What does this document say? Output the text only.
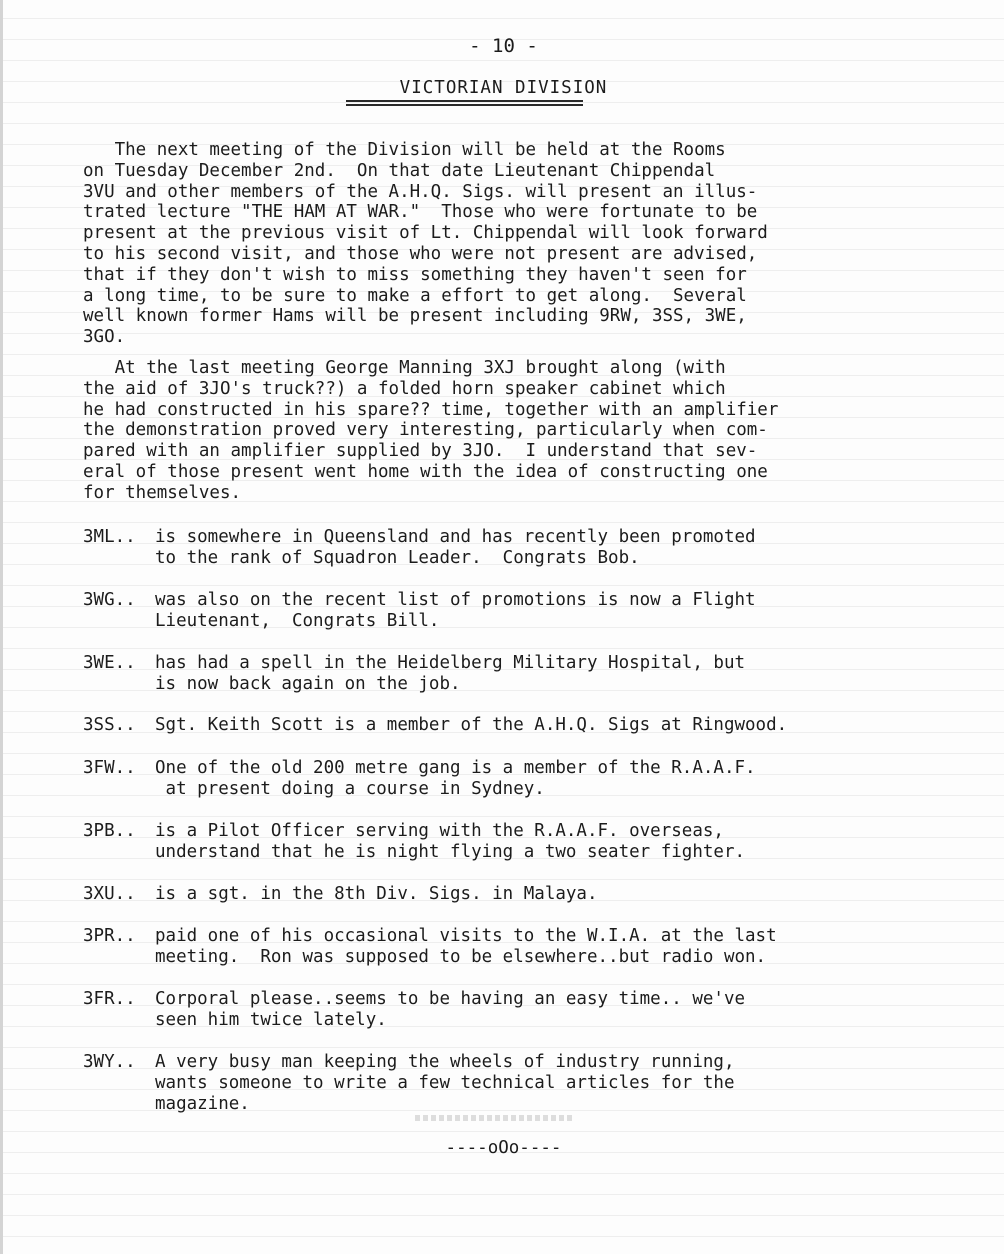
- 10 -
VICTORIAN DIVISION

The next meeting of the Division will be held at the Rooms
on Tuesday December 2nd.  On that date Lieutenant Chippendal
3VU and other members of the A.H.Q. Sigs. will present an illus-
trated lecture "THE HAM AT WAR."  Those who were fortunate to be
present at the previous visit of Lt. Chippendal will look forward
to his second visit, and those who were not present are advised,
that if they don't wish to miss something they haven't seen for
a long time, to be sure to make a effort to get along.  Several
well known former Hams will be present including 9RW, 3SS, 3WE,
3GO.

At the last meeting George Manning 3XJ brought along (with
the aid of 3JO's truck??) a folded horn speaker cabinet which
he had constructed in his spare?? time, together with an amplifier
the demonstration proved very interesting, particularly when com-
pared with an amplifier supplied by 3JO.  I understand that sev-
eral of those present went home with the idea of constructing one
for themselves.

3ML.. is somewhere in Queensland and has recently been promoted
to the rank of Squadron Leader.  Congrats Bob.

3WG.. was also on the recent list of promotions is now a Flight
Lieutenant,  Congrats Bill.

3WE.. has had a spell in the Heidelberg Military Hospital, but
is now back again on the job.

3SS.. Sgt. Keith Scott is a member of the A.H.Q. Sigs at Ringwood.

3FW.. One of the old 200 metre gang is a member of the R.A.A.F.
at present doing a course in Sydney.

3PB.. is a Pilot Officer serving with the R.A.A.F. overseas,
understand that he is night flying a two seater fighter.

3XU.. is a sgt. in the 8th Div. Sigs. in Malaya.

3PR.. paid one of his occasional visits to the W.I.A. at the last
meeting.  Ron was supposed to be elsewhere..but radio won.

3FR.. Corporal please..seems to be having an easy time.. we've
seen him twice lately.

3WY.. A very busy man keeping the wheels of industry running,
wants someone to write a few technical articles for the
magazine.

----oOo----
